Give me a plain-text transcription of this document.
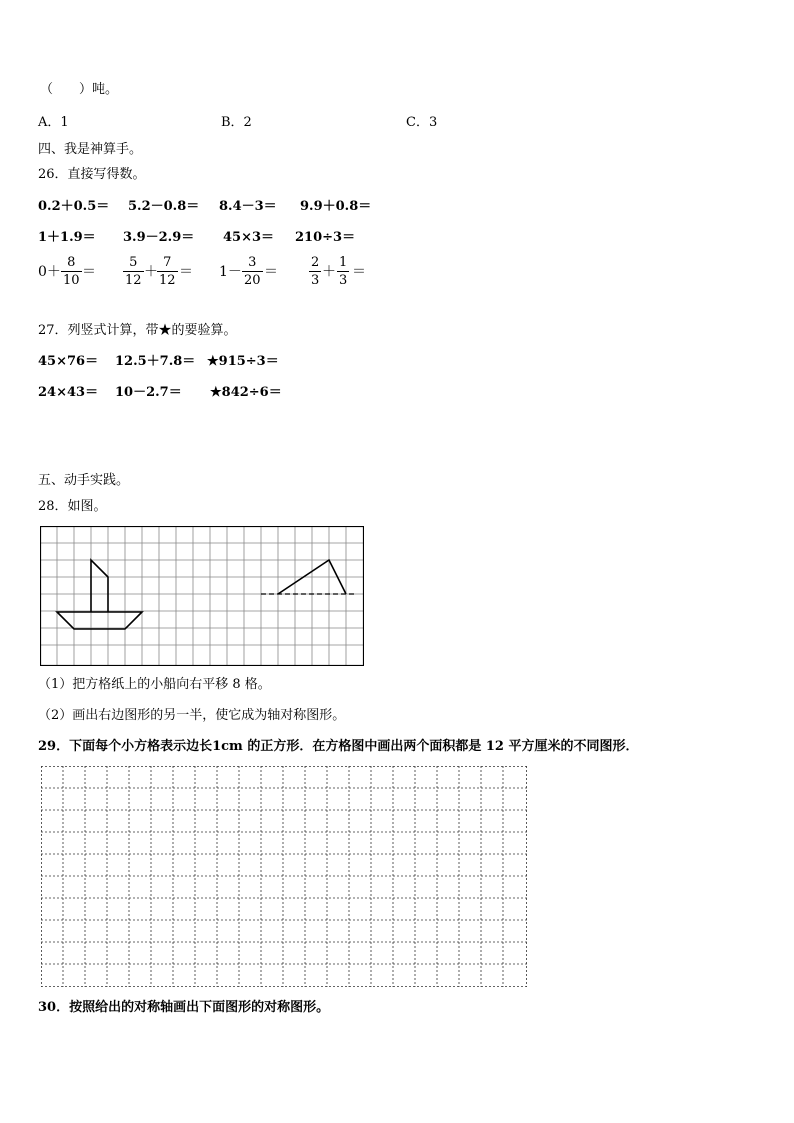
（　　）吨。
A．1	B．2	C．3
四、我是神算手。
26．直接写得数。
0.2＋0.5＝ 5.2－0.8＝ 8.4－3＝ 9.9＋0.8＝
1＋1.9＝ 3.9－2.9＝ 45×3＝ 210÷3＝
0＋
8
10
＝
5
12
＋
7
12
＝ 1－
3
20
＝
2
3
＋
1
3
＝
27．列竖式计算，带★的要验算。
45×76＝ 12.5＋7.8＝ ★915÷3＝
24×43＝ 10－2.7＝ ★842÷6＝
五、动手实践。
28．如图。
（1）把方格纸上的小船向右平移 8 格。
（2）画出右边图形的另一半，使它成为轴对称图形。
29．下面每个小方格表示边长1cm 的正方形．在方格图中画出两个面积都是 12 平方厘米的不同图形．
30．按照给出的对称轴画出下面图形的对称图形。
